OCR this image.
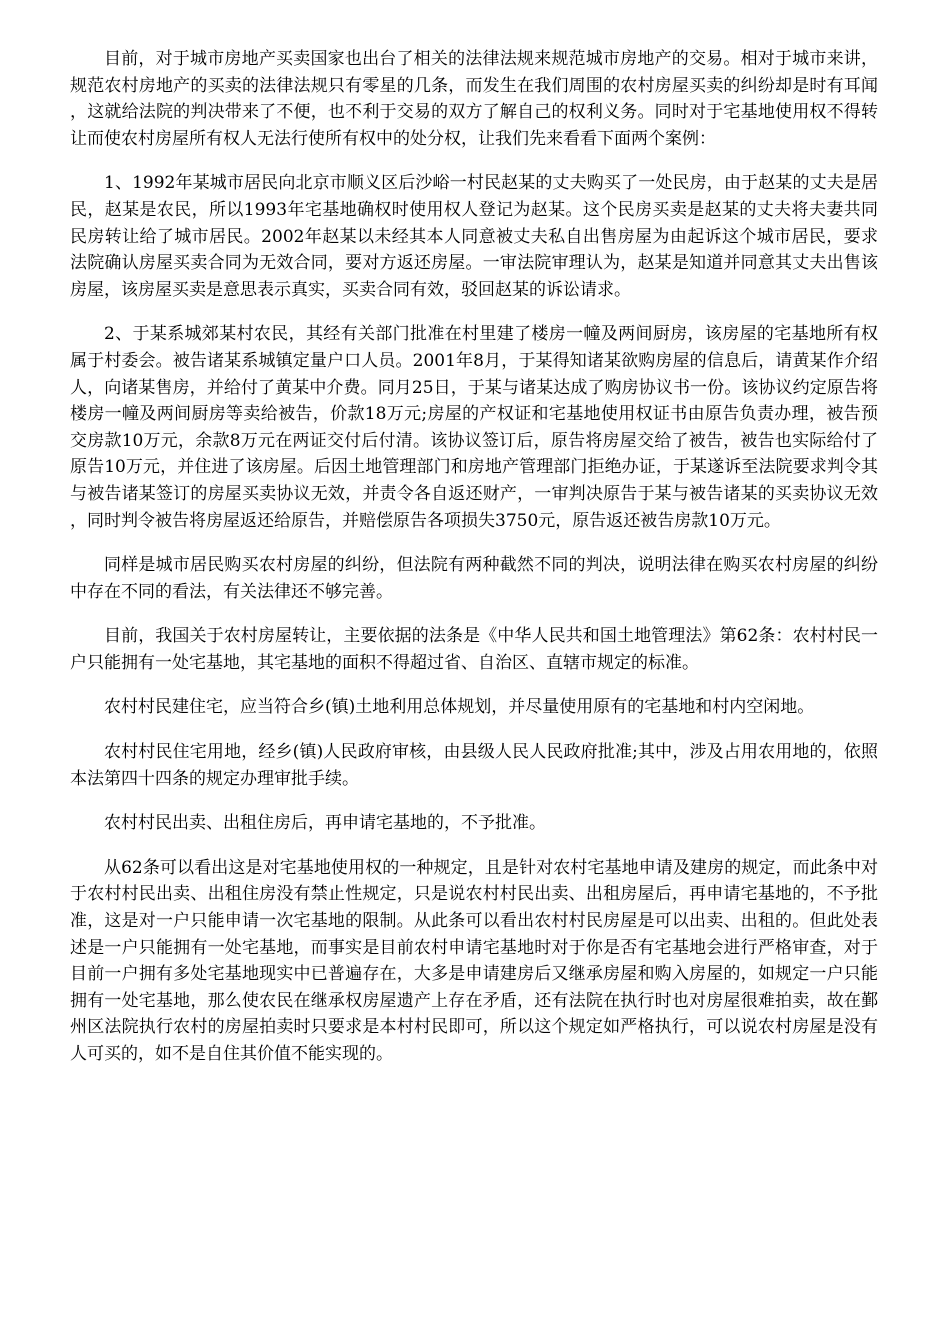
目前，对于城市房地产买卖国家也出台了相关的法律法规来规范城市房地产的交易。相对于城市来讲，规范农村房地产的买卖的法律法规只有零星的几条，而发生在我们周围的农村房屋买卖的纠纷却是时有耳闻，这就给法院的判决带来了不便，也不利于交易的双方了解自己的权利义务。同时对于宅基地使用权不得转让而使农村房屋所有权人无法行使所有权中的处分权，让我们先来看看下面两个案例：

1、1992年某城市居民向北京市顺义区后沙峪一村民赵某的丈夫购买了一处民房，由于赵某的丈夫是居民，赵某是农民，所以1993年宅基地确权时使用权人登记为赵某。这个民房买卖是赵某的丈夫将夫妻共同民房转让给了城市居民。2002年赵某以未经其本人同意被丈夫私自出售房屋为由起诉这个城市居民，要求法院确认房屋买卖合同为无效合同，要对方返还房屋。一审法院审理认为，赵某是知道并同意其丈夫出售该房屋，该房屋买卖是意思表示真实，买卖合同有效，驳回赵某的诉讼请求。

2、于某系城郊某村农民，其经有关部门批准在村里建了楼房一幢及两间厨房，该房屋的宅基地所有权属于村委会。被告诸某系城镇定量户口人员。2001年8月，于某得知诸某欲购房屋的信息后，请黄某作介绍人，向诸某售房，并给付了黄某中介费。同月25日，于某与诸某达成了购房协议书一份。该协议约定原告将楼房一幢及两间厨房等卖给被告，价款18万元;房屋的产权证和宅基地使用权证书由原告负责办理，被告预交房款10万元，余款8万元在两证交付后付清。该协议签订后，原告将房屋交给了被告，被告也实际给付了原告10万元，并住进了该房屋。后因土地管理部门和房地产管理部门拒绝办证，于某遂诉至法院要求判令其与被告诸某签订的房屋买卖协议无效，并责令各自返还财产，一审判决原告于某与被告诸某的买卖协议无效，同时判令被告将房屋返还给原告，并赔偿原告各项损失3750元，原告返还被告房款10万元。

同样是城市居民购买农村房屋的纠纷，但法院有两种截然不同的判决，说明法律在购买农村房屋的纠纷中存在不同的看法，有关法律还不够完善。

目前，我国关于农村房屋转让，主要依据的法条是《中华人民共和国土地管理法》第62条：农村村民一户只能拥有一处宅基地，其宅基地的面积不得超过省、自治区、直辖市规定的标准。

农村村民建住宅，应当符合乡(镇)土地利用总体规划，并尽量使用原有的宅基地和村内空闲地。

农村村民住宅用地，经乡(镇)人民政府审核，由县级人民人民政府批准;其中，涉及占用农用地的，依照本法第四十四条的规定办理审批手续。

农村村民出卖、出租住房后，再申请宅基地的，不予批准。

从62条可以看出这是对宅基地使用权的一种规定，且是针对农村宅基地申请及建房的规定，而此条中对于农村村民出卖、出租住房没有禁止性规定，只是说农村村民出卖、出租房屋后，再申请宅基地的，不予批准，这是对一户只能申请一次宅基地的限制。从此条可以看出农村村民房屋是可以出卖、出租的。但此处表述是一户只能拥有一处宅基地，而事实是目前农村申请宅基地时对于你是否有宅基地会进行严格审查，对于目前一户拥有多处宅基地现实中已普遍存在，大多是申请建房后又继承房屋和购入房屋的，如规定一户只能拥有一处宅基地，那么使农民在继承权房屋遗产上存在矛盾，还有法院在执行时也对房屋很难拍卖，故在鄞州区法院执行农村的房屋拍卖时只要求是本村村民即可，所以这个规定如严格执行，可以说农村房屋是没有人可买的，如不是自住其价值不能实现的。
